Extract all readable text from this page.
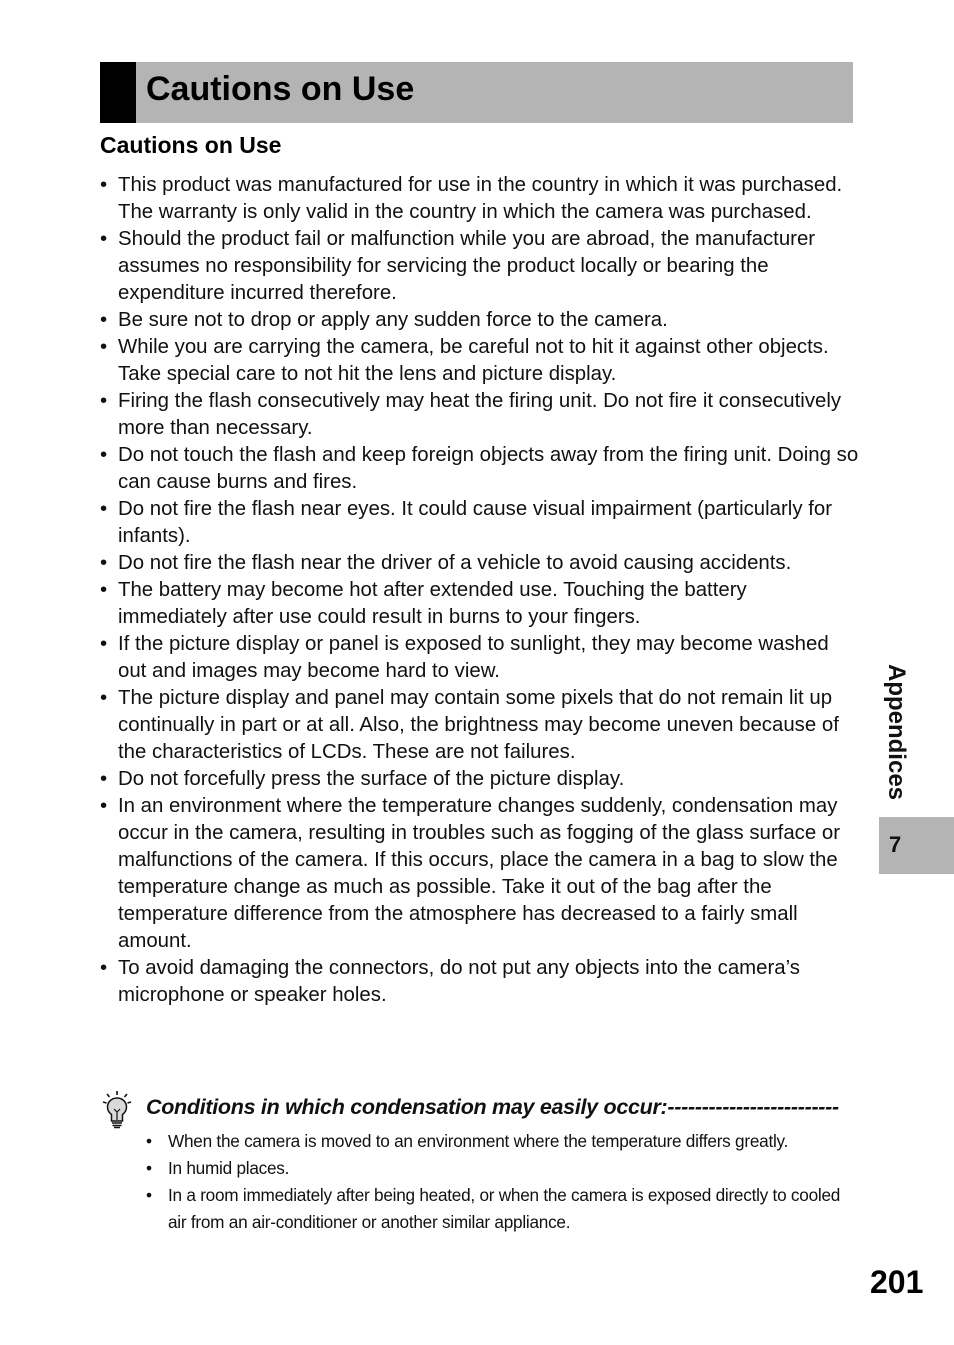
Cautions on Use
Cautions on Use
• This product was manufactured for use in the country in which it was purchased. The warranty is only valid in the country in which the camera was purchased.
• Should the product fail or malfunction while you are abroad, the manufacturer assumes no responsibility for servicing the product locally or bearing the expenditure incurred therefore.
• Be sure not to drop or apply any sudden force to the camera.
• While you are carrying the camera, be careful not to hit it against other objects. Take special care to not hit the lens and picture display.
• Firing the flash consecutively may heat the firing unit. Do not fire it consecutively more than necessary.
• Do not touch the flash and keep foreign objects away from the firing unit. Doing so can cause burns and fires.
• Do not fire the flash near eyes. It could cause visual impairment (particularly for infants).
• Do not fire the flash near the driver of a vehicle to avoid causing accidents.
• The battery may become hot after extended use. Touching the battery immediately after use could result in burns to your fingers.
• If the picture display or panel is exposed to sunlight, they may become washed out and images may become hard to view.
• The picture display and panel may contain some pixels that do not remain lit up continually in part or at all. Also, the brightness may become uneven because of the characteristics of LCDs. These are not failures.
• Do not forcefully press the surface of the picture display.
• In an environment where the temperature changes suddenly, condensation may occur in the camera, resulting in troubles such as fogging of the glass surface or malfunctions of the camera. If this occurs, place the camera in a bag to slow the temperature change as much as possible. Take it out of the bag after the temperature difference from the atmosphere has decreased to a fairly small amount.
• To avoid damaging the connectors, do not put any objects into the camera’s microphone or speaker holes.
Appendices
7
Conditions in which condensation may easily occur:-------------------------
• When the camera is moved to an environment where the temperature differs greatly.
• In humid places.
• In a room immediately after being heated, or when the camera is exposed directly to cooled air from an air-conditioner or another similar appliance.
201
